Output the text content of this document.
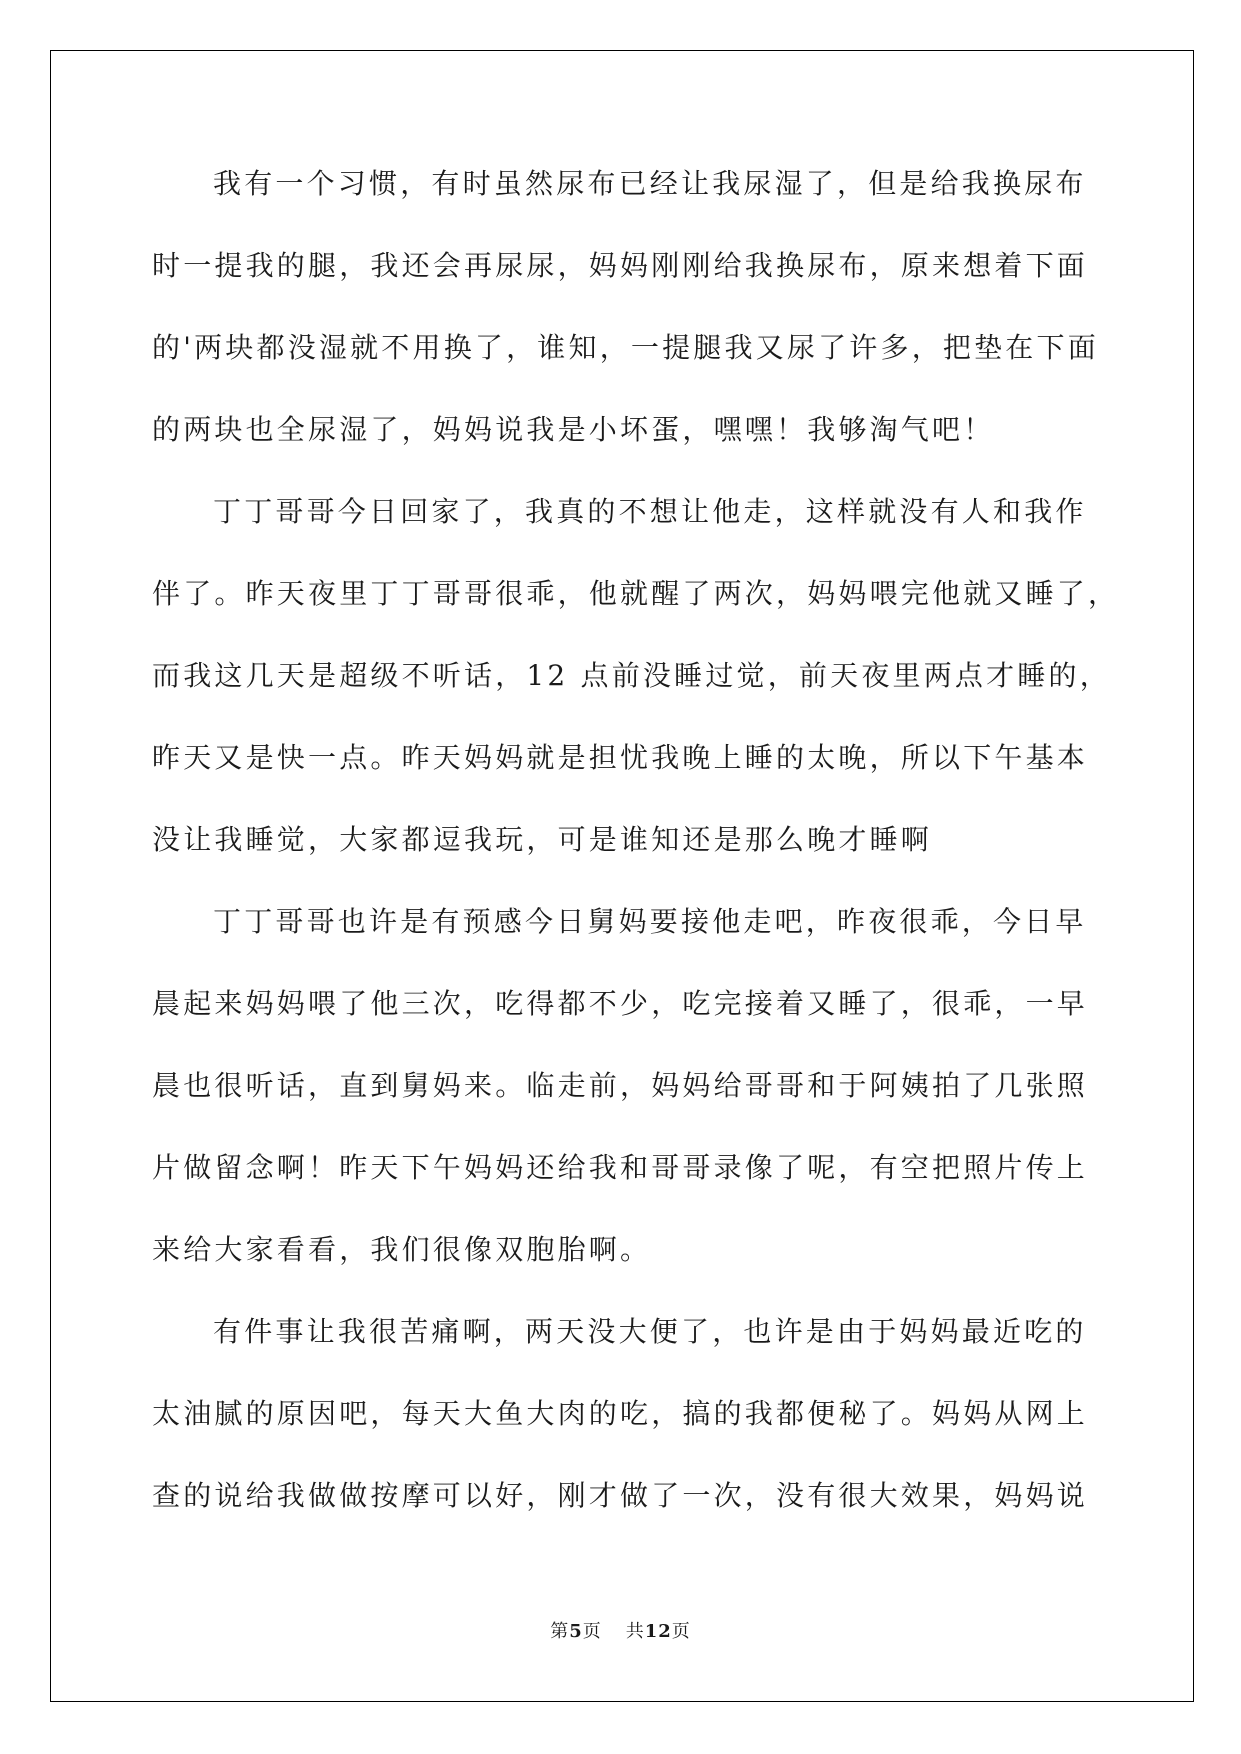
我有一个习惯，有时虽然尿布已经让我尿湿了，但是给我换尿布
时一提我的腿，我还会再尿尿，妈妈刚刚给我换尿布，原来想着下面
的'两块都没湿就不用换了，谁知，一提腿我又尿了许多，把垫在下面
的两块也全尿湿了，妈妈说我是小坏蛋，嘿嘿！我够淘气吧！
丁丁哥哥今日回家了，我真的不想让他走，这样就没有人和我作
伴了。昨天夜里丁丁哥哥很乖，他就醒了两次，妈妈喂完他就又睡了，
而我这几天是超级不听话，12 点前没睡过觉，前天夜里两点才睡的，
昨天又是快一点。昨天妈妈就是担忧我晚上睡的太晚，所以下午基本
没让我睡觉，大家都逗我玩，可是谁知还是那么晚才睡啊
丁丁哥哥也许是有预感今日舅妈要接他走吧，昨夜很乖，今日早
晨起来妈妈喂了他三次，吃得都不少，吃完接着又睡了，很乖，一早
晨也很听话，直到舅妈来。临走前，妈妈给哥哥和于阿姨拍了几张照
片做留念啊！昨天下午妈妈还给我和哥哥录像了呢，有空把照片传上
来给大家看看，我们很像双胞胎啊。
有件事让我很苦痛啊，两天没大便了，也许是由于妈妈最近吃的
太油腻的原因吧，每天大鱼大肉的吃，搞的我都便秘了。妈妈从网上
查的说给我做做按摩可以好，刚才做了一次，没有很大效果，妈妈说
第5页 共12页
